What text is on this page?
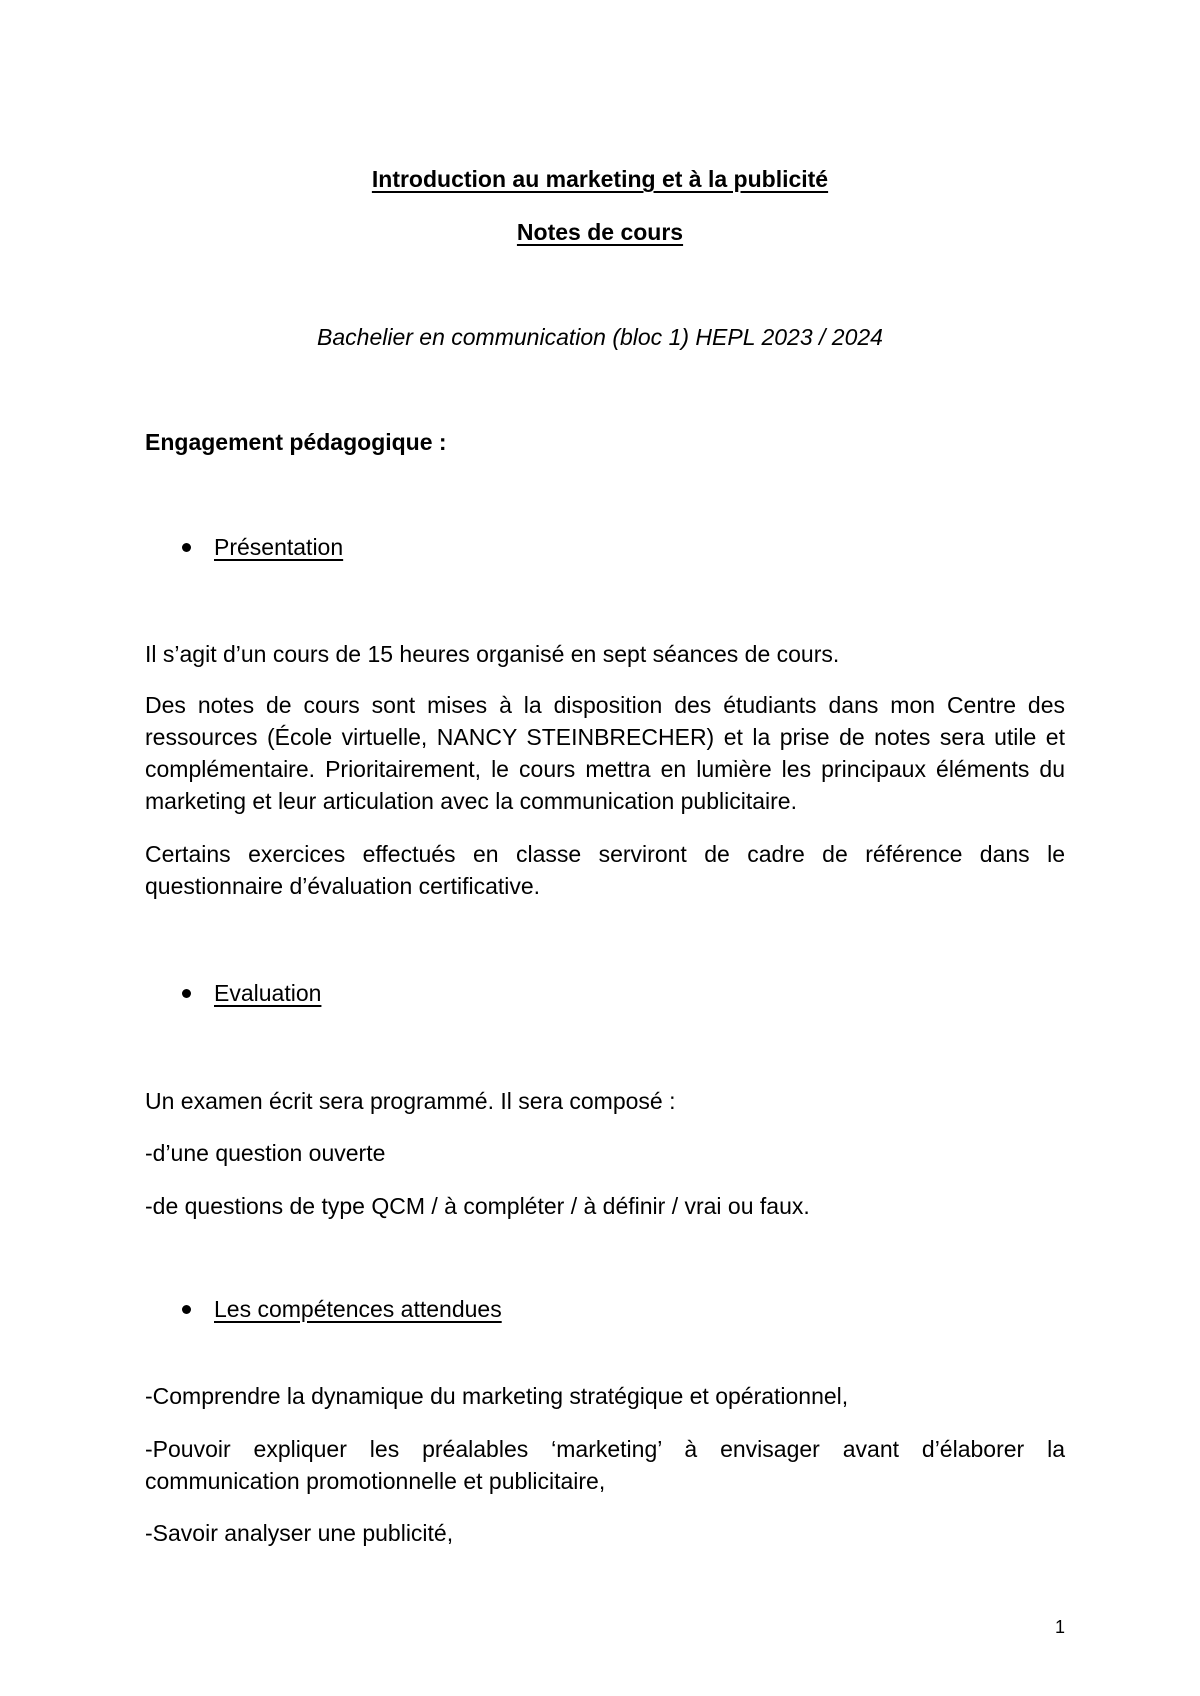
Introduction au marketing et à la publicité
Notes de cours
Bachelier en communication (bloc 1) HEPL 2023 / 2024
Engagement pédagogique :
Présentation
Il s’agit d’un cours de 15 heures organisé en sept séances de cours.
Des notes de cours sont mises à la disposition des étudiants dans mon Centre des ressources (École virtuelle, NANCY STEINBRECHER) et la prise de notes sera utile et complémentaire. Prioritairement, le cours mettra en lumière les principaux éléments du marketing et leur articulation avec la communication publicitaire.
Certains exercices effectués en classe serviront de cadre de référence dans le questionnaire d’évaluation certificative.
Evaluation
Un examen écrit sera programmé. Il sera composé :
-d’une question ouverte
-de questions de type QCM / à compléter / à définir / vrai ou faux.
Les compétences attendues
-Comprendre la dynamique du marketing stratégique et opérationnel,
-Pouvoir expliquer les préalables ‘marketing’ à envisager avant d’élaborer la communication promotionnelle et publicitaire,
-Savoir analyser une publicité,
1
